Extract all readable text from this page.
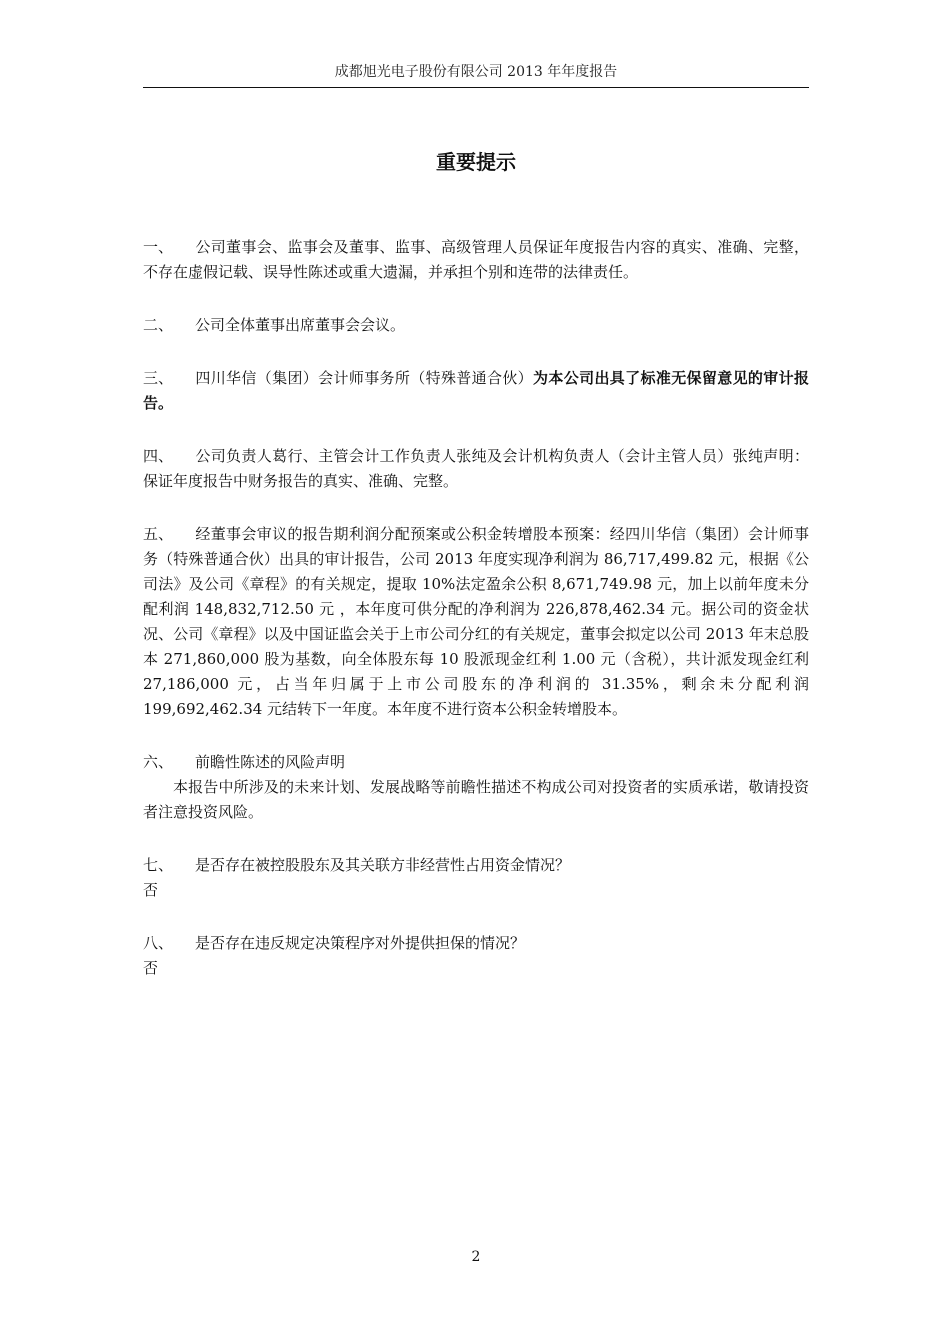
成都旭光电子股份有限公司 2013 年年度报告
重要提示

一、 公司董事会、监事会及董事、监事、高级管理人员保证年度报告内容的真实、准确、完整，不存在虚假记载、误导性陈述或重大遗漏，并承担个别和连带的法律责任。

二、 公司全体董事出席董事会会议。

三、 四川华信（集团）会计师事务所（特殊普通合伙）为本公司出具了标准无保留意见的审计报告。

四、 公司负责人葛行、主管会计工作负责人张纯及会计机构负责人（会计主管人员）张纯声明：保证年度报告中财务报告的真实、准确、完整。

五、 经董事会审议的报告期利润分配预案或公积金转增股本预案：经四川华信（集团）会计师事务（特殊普通合伙）出具的审计报告，公司 2013 年度实现净利润为 86,717,499.82 元，根据《公司法》及公司《章程》的有关规定，提取 10%法定盈余公积 8,671,749.98 元，加上以前年度未分配利润 148,832,712.50 元 ，本年度可供分配的净利润为 226,878,462.34 元。据公司的资金状况、公司《章程》以及中国证监会关于上市公司分红的有关规定，董事会拟定以公司 2013 年末总股本 271,860,000 股为基数，向全体股东每 10 股派现金红利 1.00 元（含税），共计派发现金红利 27,186,000 元，占当年归属于上市公司股东的净利润的 31.35%，剩余未分配利润 199,692,462.34 元结转下一年度。本年度不进行资本公积金转增股本。

六、 前瞻性陈述的风险声明

本报告中所涉及的未来计划、发展战略等前瞻性描述不构成公司对投资者的实质承诺，敬请投资者注意投资风险。

七、 是否存在被控股股东及其关联方非经营性占用资金情况？

否

八、 是否存在违反规定决策程序对外提供担保的情况？

否

2
